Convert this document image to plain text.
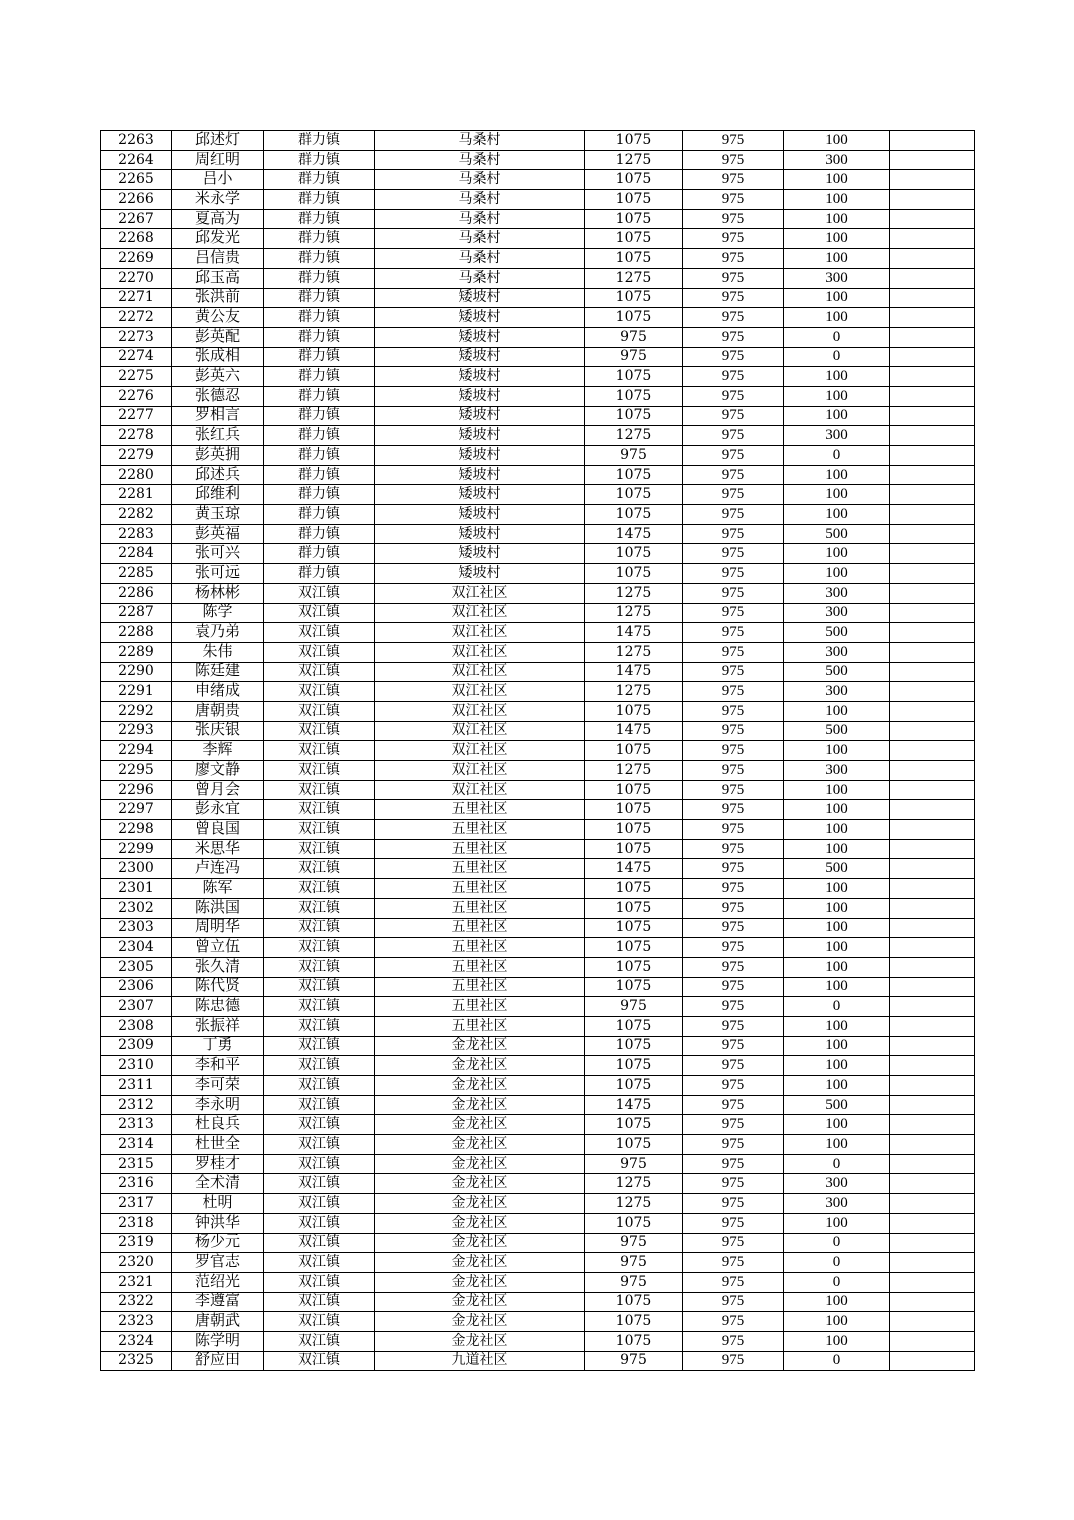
2263	邱述灯	群力镇	马桑村	1075	975	100	
2264	周红明	群力镇	马桑村	1275	975	300	
2265	吕小	群力镇	马桑村	1075	975	100	
2266	米永学	群力镇	马桑村	1075	975	100	
2267	夏高为	群力镇	马桑村	1075	975	100	
2268	邱发光	群力镇	马桑村	1075	975	100	
2269	吕信贵	群力镇	马桑村	1075	975	100	
2270	邱玉高	群力镇	马桑村	1275	975	300	
2271	张洪前	群力镇	矮坡村	1075	975	100	
2272	黄公友	群力镇	矮坡村	1075	975	100	
2273	彭英配	群力镇	矮坡村	975	975	0	
2274	张成相	群力镇	矮坡村	975	975	0	
2275	彭英六	群力镇	矮坡村	1075	975	100	
2276	张德忍	群力镇	矮坡村	1075	975	100	
2277	罗相言	群力镇	矮坡村	1075	975	100	
2278	张红兵	群力镇	矮坡村	1275	975	300	
2279	彭英拥	群力镇	矮坡村	975	975	0	
2280	邱述兵	群力镇	矮坡村	1075	975	100	
2281	邱维利	群力镇	矮坡村	1075	975	100	
2282	黄玉琼	群力镇	矮坡村	1075	975	100	
2283	彭英福	群力镇	矮坡村	1475	975	500	
2284	张可兴	群力镇	矮坡村	1075	975	100	
2285	张可远	群力镇	矮坡村	1075	975	100	
2286	杨林彬	双江镇	双江社区	1275	975	300	
2287	陈学	双江镇	双江社区	1275	975	300	
2288	袁乃弟	双江镇	双江社区	1475	975	500	
2289	朱伟	双江镇	双江社区	1275	975	300	
2290	陈廷建	双江镇	双江社区	1475	975	500	
2291	申绪成	双江镇	双江社区	1275	975	300	
2292	唐朝贵	双江镇	双江社区	1075	975	100	
2293	张庆银	双江镇	双江社区	1475	975	500	
2294	李辉	双江镇	双江社区	1075	975	100	
2295	廖文静	双江镇	双江社区	1275	975	300	
2296	曾月会	双江镇	双江社区	1075	975	100	
2297	彭永宜	双江镇	五里社区	1075	975	100	
2298	曾良国	双江镇	五里社区	1075	975	100	
2299	米思华	双江镇	五里社区	1075	975	100	
2300	卢连冯	双江镇	五里社区	1475	975	500	
2301	陈军	双江镇	五里社区	1075	975	100	
2302	陈洪国	双江镇	五里社区	1075	975	100	
2303	周明华	双江镇	五里社区	1075	975	100	
2304	曾立伍	双江镇	五里社区	1075	975	100	
2305	张久清	双江镇	五里社区	1075	975	100	
2306	陈代贤	双江镇	五里社区	1075	975	100	
2307	陈忠德	双江镇	五里社区	975	975	0	
2308	张振祥	双江镇	五里社区	1075	975	100	
2309	丁勇	双江镇	金龙社区	1075	975	100	
2310	李和平	双江镇	金龙社区	1075	975	100	
2311	李可荣	双江镇	金龙社区	1075	975	100	
2312	李永明	双江镇	金龙社区	1475	975	500	
2313	杜良兵	双江镇	金龙社区	1075	975	100	
2314	杜世全	双江镇	金龙社区	1075	975	100	
2315	罗桂才	双江镇	金龙社区	975	975	0	
2316	全术清	双江镇	金龙社区	1275	975	300	
2317	杜明	双江镇	金龙社区	1275	975	300	
2318	钟洪华	双江镇	金龙社区	1075	975	100	
2319	杨少元	双江镇	金龙社区	975	975	0	
2320	罗官志	双江镇	金龙社区	975	975	0	
2321	范绍光	双江镇	金龙社区	975	975	0	
2322	李遵富	双江镇	金龙社区	1075	975	100	
2323	唐朝武	双江镇	金龙社区	1075	975	100	
2324	陈学明	双江镇	金龙社区	1075	975	100	
2325	舒应田	双江镇	九道社区	975	975	0	
